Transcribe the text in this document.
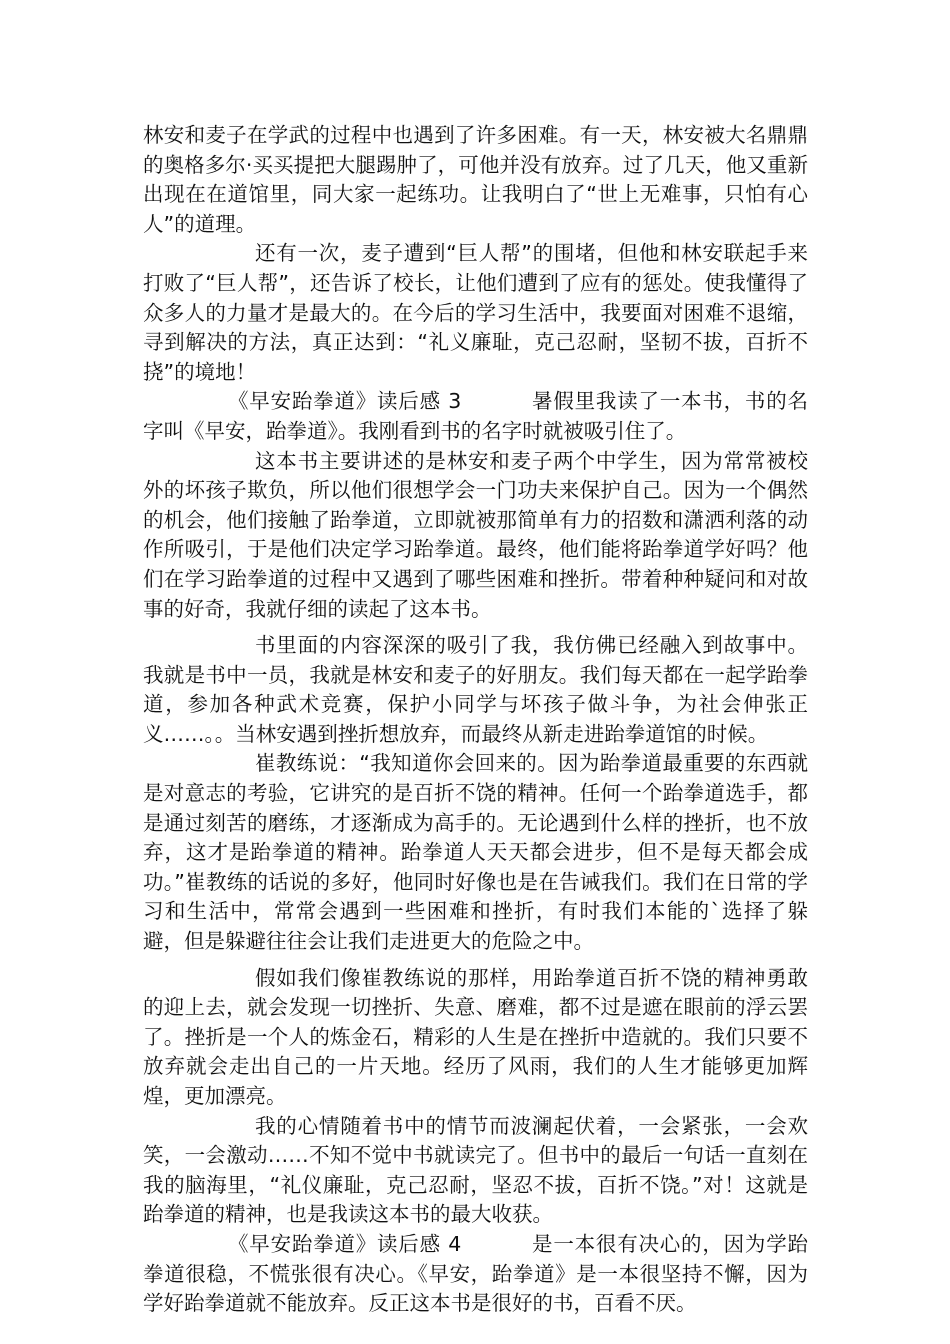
林安和麦子在学武的过程中也遇到了许多困难。有一天，林安被大名鼎鼎的奥格多尔·买买提把大腿踢肿了，可他并没有放弃。过了几天，他又重新出现在在道馆里，同大家一起练功。让我明白了“世上无难事，只怕有心人”的道理。

还有一次，麦子遭到“巨人帮”的围堵，但他和林安联起手来打败了“巨人帮”，还告诉了校长，让他们遭到了应有的惩处。使我懂得了众多人的力量才是最大的。在今后的学习生活中，我要面对困难不退缩，寻到解决的方法，真正达到：“礼义廉耻，克己忍耐，坚韧不拔，百折不挠”的境地！

《早安跆拳道》读后感 3	暑假里我读了一本书，书的名字叫《早安，跆拳道》。我刚看到书的名字时就被吸引住了。

这本书主要讲述的是林安和麦子两个中学生，因为常常被校外的坏孩子欺负，所以他们很想学会一门功夫来保护自己。因为一个偶然的机会，他们接触了跆拳道，立即就被那简单有力的招数和潇洒利落的动作所吸引，于是他们决定学习跆拳道。最终，他们能将跆拳道学好吗？他们在学习跆拳道的过程中又遇到了哪些困难和挫折。带着种种疑问和对故事的好奇，我就仔细的读起了这本书。

书里面的内容深深的吸引了我，我仿佛已经融入到故事中。我就是书中一员，我就是林安和麦子的好朋友。我们每天都在一起学跆拳道，参加各种武术竞赛，保护小同学与坏孩子做斗争，为社会伸张正义……。。当林安遇到挫折想放弃，而最终从新走进跆拳道馆的时候。

崔教练说：“我知道你会回来的。因为跆拳道最重要的东西就是对意志的考验，它讲究的是百折不饶的精神。任何一个跆拳道选手，都是通过刻苦的磨练，才逐渐成为高手的。无论遇到什么样的挫折，也不放弃，这才是跆拳道的精神。跆拳道人天天都会进步，但不是每天都会成功。”崔教练的话说的多好，他同时好像也是在告诫我们。我们在日常的学习和生活中，常常会遇到一些困难和挫折，有时我们本能的`选择了躲避，但是躲避往往会让我们走进更大的危险之中。

假如我们像崔教练说的那样，用跆拳道百折不饶的精神勇敢的迎上去，就会发现一切挫折、失意、磨难，都不过是遮在眼前的浮云罢了。挫折是一个人的炼金石，精彩的人生是在挫折中造就的。我们只要不放弃就会走出自己的一片天地。经历了风雨，我们的人生才能够更加辉煌，更加漂亮。

我的心情随着书中的情节而波澜起伏着，一会紧张，一会欢笑，一会激动……不知不觉中书就读完了。但书中的最后一句话一直刻在我的脑海里，“礼仪廉耻，克己忍耐，坚忍不拔，百折不饶。”对！这就是跆拳道的精神，也是我读这本书的最大收获。

《早安跆拳道》读后感 4	是一本很有决心的，因为学跆拳道很稳，不慌张很有决心。《早安，跆拳道》是一本很坚持不懈，因为学好跆拳道就不能放弃。反正这本书是很好的书，百看不厌。
